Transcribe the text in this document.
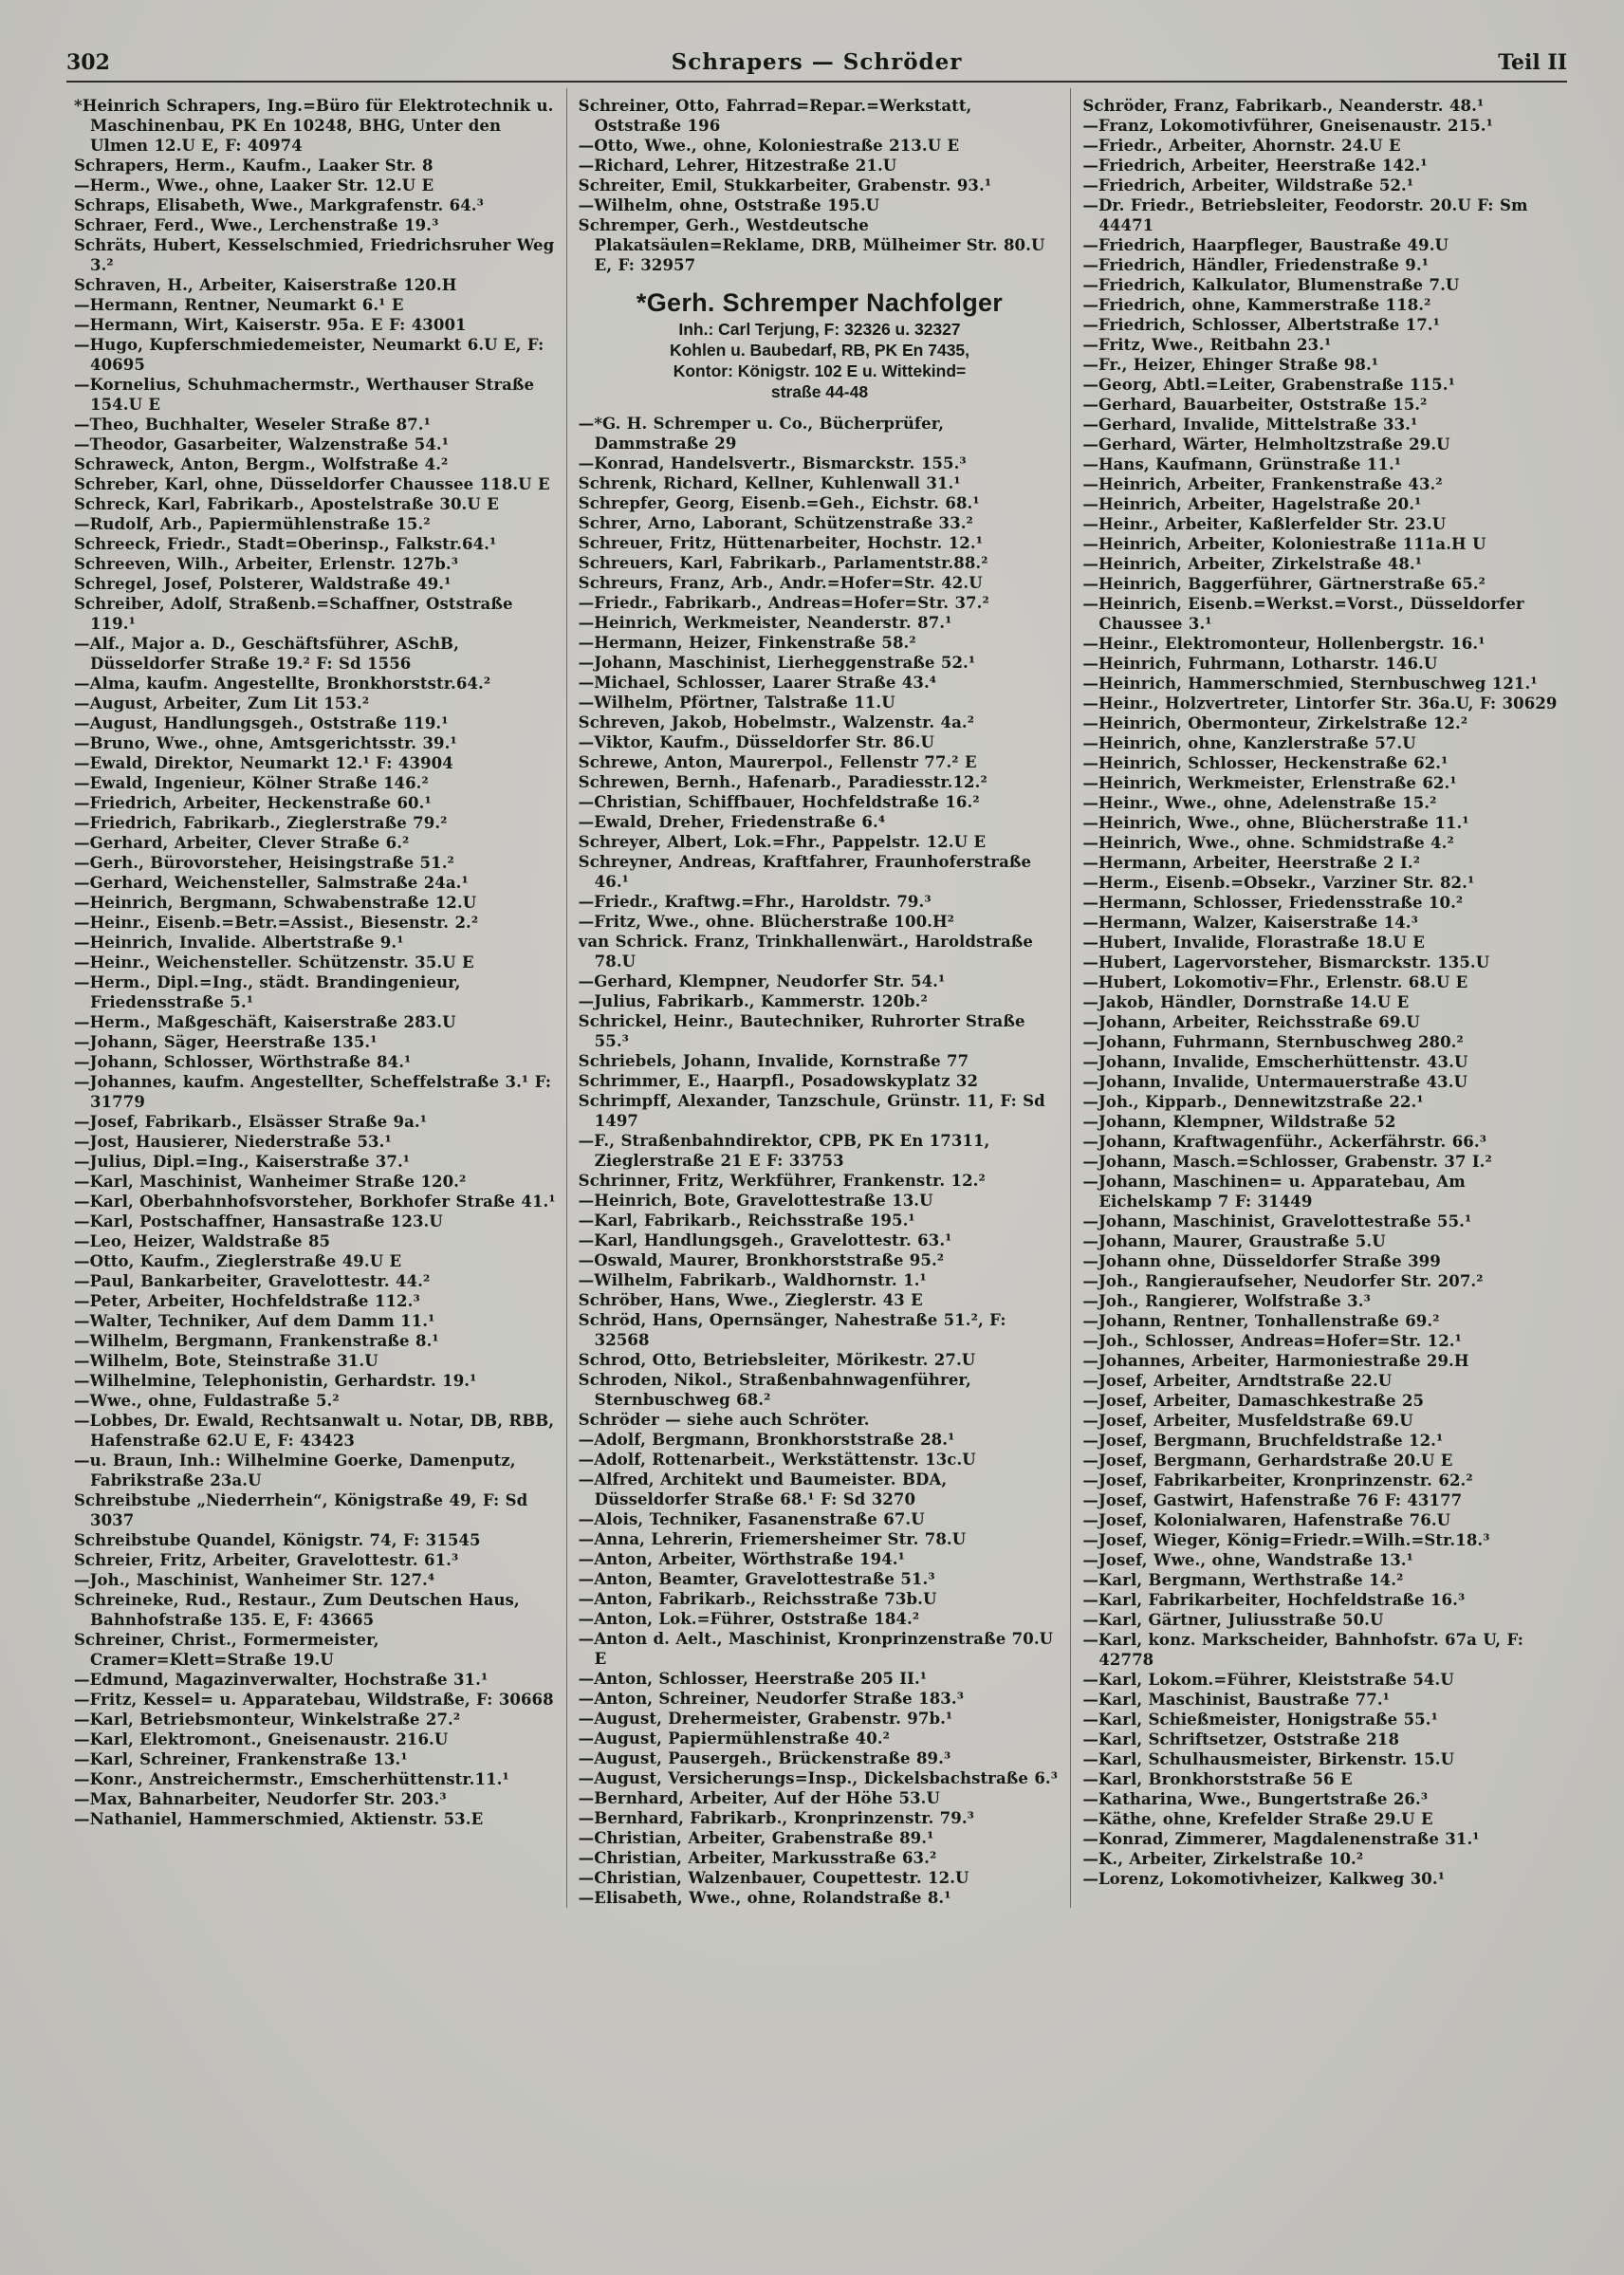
302	Schrapers — Schröder	Teil II
*Heinrich Schrapers, Ing.=Büro für Elektrotechnik u. Maschinenbau, PK En 10248, BHG, Unter den Ulmen 12.U E, F: 40974
Schrapers, Herm., Kaufm., Laaker Str. 8
—Herm., Wwe., ohne, Laaker Str. 12.U E
Schraps, Elisabeth, Wwe., Markgrafenstr. 64.³
Schraer, Ferd., Wwe., Lerchenstraße 19.³
Schräts, Hubert, Kesselschmied, Friedrichsruher Weg 3.²
Schraven, H., Arbeiter, Kaiserstraße 120.H
—Hermann, Rentner, Neumarkt 6.¹ E
—Hermann, Wirt, Kaiserstr. 95a. E F: 43001
—Hugo, Kupferschmiedemeister, Neumarkt 6.U E, F: 40695
—Kornelius, Schuhmachermstr., Werthauser Straße 154.U E
—Theo, Buchhalter, Weseler Straße 87.¹
—Theodor, Gasarbeiter, Walzenstraße 54.¹
Schraweck, Anton, Bergm., Wolfstraße 4.²
Schreber, Karl, ohne, Düsseldorfer Chaussee 118.U E
Schreck, Karl, Fabrikarb., Apostelstraße 30.U E
—Rudolf, Arb., Papiermühlenstraße 15.²
Schreeck, Friedr., Stadt=Oberinsp., Falkstr.64.¹
Schreeven, Wilh., Arbeiter, Erlenstr. 127b.³
Schregel, Josef, Polsterer, Waldstraße 49.¹
Schreiber, Adolf, Straßenb.=Schaffner, Oststraße 119.¹
—Alf., Major a. D., Geschäftsführer, ASchB, Düsseldorfer Straße 19.² F: Sd 1556
—Alma, kaufm. Angestellte, Bronkhorststr.64.²
—August, Arbeiter, Zum Lit 153.²
—August, Handlungsgeh., Oststraße 119.¹
—Bruno, Wwe., ohne, Amtsgerichtsstr. 39.¹
—Ewald, Direktor, Neumarkt 12.¹ F: 43904
—Ewald, Ingenieur, Kölner Straße 146.²
—Friedrich, Arbeiter, Heckenstraße 60.¹
—Friedrich, Fabrikarb., Zieglerstraße 79.²
—Gerhard, Arbeiter, Clever Straße 6.²
—Gerh., Bürovorsteher, Heisingstraße 51.²
—Gerhard, Weichensteller, Salmstraße 24a.¹
—Heinrich, Bergmann, Schwabenstraße 12.U
—Heinr., Eisenb.=Betr.=Assist., Biesenstr. 2.²
—Heinrich, Invalide. Albertstraße 9.¹
—Heinr., Weichensteller. Schützenstr. 35.U E
—Herm., Dipl.=Ing., städt. Brandingenieur, Friedensstraße 5.¹
—Herm., Maßgeschäft, Kaiserstraße 283.U
—Johann, Säger, Heerstraße 135.¹
—Johann, Schlosser, Wörthstraße 84.¹
—Johannes, kaufm. Angestellter, Scheffelstraße 3.¹ F: 31779
—Josef, Fabrikarb., Elsässer Straße 9a.¹
—Jost, Hausierer, Niederstraße 53.¹
—Julius, Dipl.=Ing., Kaiserstraße 37.¹
—Karl, Maschinist, Wanheimer Straße 120.²
—Karl, Oberbahnhofsvorsteher, Borkhofer Straße 41.¹
—Karl, Postschaffner, Hansastraße 123.U
—Leo, Heizer, Waldstraße 85
—Otto, Kaufm., Zieglerstraße 49.U E
—Paul, Bankarbeiter, Gravelottestr. 44.²
—Peter, Arbeiter, Hochfeldstraße 112.³
—Walter, Techniker, Auf dem Damm 11.¹
—Wilhelm, Bergmann, Frankenstraße 8.¹
—Wilhelm, Bote, Steinstraße 31.U
—Wilhelmine, Telephonistin, Gerhardstr. 19.¹
—Wwe., ohne, Fuldastraße 5.²
—Lobbes, Dr. Ewald, Rechtsanwalt u. Notar, DB, RBB, Hafenstraße 62.U E, F: 43423
—u. Braun, Inh.: Wilhelmine Goerke, Damenputz, Fabrikstraße 23a.U
Schreibstube „Niederrhein“, Königstraße 49, F: Sd 3037
Schreibstube Quandel, Königstr. 74, F: 31545
Schreier, Fritz, Arbeiter, Gravelottestr. 61.³
—Joh., Maschinist, Wanheimer Str. 127.⁴
Schreineke, Rud., Restaur., Zum Deutschen Haus, Bahnhofstraße 135. E, F: 43665
Schreiner, Christ., Formermeister, Cramer=Klett=Straße 19.U
—Edmund, Magazinverwalter, Hochstraße 31.¹
—Fritz, Kessel= u. Apparatebau, Wildstraße, F: 30668
—Karl, Betriebsmonteur, Winkelstraße 27.²
—Karl, Elektromont., Gneisenaustr. 216.U
—Karl, Schreiner, Frankenstraße 13.¹
—Konr., Anstreichermstr., Emscherhüttenstr.11.¹
—Max, Bahnarbeiter, Neudorfer Str. 203.³
—Nathaniel, Hammerschmied, Aktienstr. 53.E
Schreiner, Otto, Fahrrad=Repar.=Werkstatt, Oststraße 196
—Otto, Wwe., ohne, Koloniestraße 213.U E
—Richard, Lehrer, Hitzestraße 21.U
Schreiter, Emil, Stukkarbeiter, Grabenstr. 93.¹
—Wilhelm, ohne, Oststraße 195.U
Schremper, Gerh., Westdeutsche Plakatsäulen=Reklame, DRB, Mülheimer Str. 80.U E, F: 32957
*Gerh. Schremper Nachfolger
Inh.: Carl Terjung, F: 32326 u. 32327
Kohlen u. Baubedarf, RB, PK En 7435,
Kontor: Königstr. 102 E u. Wittekind=
straße 44-48
—*G. H. Schremper u. Co., Bücherprüfer, Dammstraße 29
—Konrad, Handelsvertr., Bismarckstr. 155.³
Schrenk, Richard, Kellner, Kuhlenwall 31.¹
Schrepfer, Georg, Eisenb.=Geh., Eichstr. 68.¹
Schrer, Arno, Laborant, Schützenstraße 33.²
Schreuer, Fritz, Hüttenarbeiter, Hochstr. 12.¹
Schreuers, Karl, Fabrikarb., Parlamentstr.88.²
Schreurs, Franz, Arb., Andr.=Hofer=Str. 42.U
—Friedr., Fabrikarb., Andreas=Hofer=Str. 37.²
—Heinrich, Werkmeister, Neanderstr. 87.¹
—Hermann, Heizer, Finkenstraße 58.²
—Johann, Maschinist, Lierheggenstraße 52.¹
—Michael, Schlosser, Laarer Straße 43.⁴
—Wilhelm, Pförtner, Talstraße 11.U
Schreven, Jakob, Hobelmstr., Walzenstr. 4a.²
—Viktor, Kaufm., Düsseldorfer Str. 86.U
Schrewe, Anton, Maurerpol., Fellenstr 77.² E
Schrewen, Bernh., Hafenarb., Paradiesstr.12.²
—Christian, Schiffbauer, Hochfeldstraße 16.²
—Ewald, Dreher, Friedenstraße 6.⁴
Schreyer, Albert, Lok.=Fhr., Pappelstr. 12.U E
Schreyner, Andreas, Kraftfahrer, Fraunhoferstraße 46.¹
—Friedr., Kraftwg.=Fhr., Haroldstr. 79.³
—Fritz, Wwe., ohne. Blücherstraße 100.H²
van Schrick. Franz, Trinkhallenwärt., Haroldstraße 78.U
—Gerhard, Klempner, Neudorfer Str. 54.¹
—Julius, Fabrikarb., Kammerstr. 120b.²
Schrickel, Heinr., Bautechniker, Ruhrorter Straße 55.³
Schriebels, Johann, Invalide, Kornstraße 77
Schrimmer, E., Haarpfl., Posadowskyplatz 32
Schrimpff, Alexander, Tanzschule, Grünstr. 11, F: Sd 1497
—F., Straßenbahndirektor, CPB, PK En 17311, Zieglerstraße 21 E F: 33753
Schrinner, Fritz, Werkführer, Frankenstr. 12.²
—Heinrich, Bote, Gravelottestraße 13.U
—Karl, Fabrikarb., Reichsstraße 195.¹
—Karl, Handlungsgeh., Gravelottestr. 63.¹
—Oswald, Maurer, Bronkhorststraße 95.²
—Wilhelm, Fabrikarb., Waldhornstr. 1.¹
Schröber, Hans, Wwe., Zieglerstr. 43 E
Schröd, Hans, Opernsänger, Nahestraße 51.², F: 32568
Schrod, Otto, Betriebsleiter, Mörikestr. 27.U
Schroden, Nikol., Straßenbahnwagenführer, Sternbuschweg 68.²
Schröder — siehe auch Schröter.
—Adolf, Bergmann, Bronkhorststraße 28.¹
—Adolf, Rottenarbeit., Werkstättenstr. 13c.U
—Alfred, Architekt und Baumeister. BDA, Düsseldorfer Straße 68.¹ F: Sd 3270
—Alois, Techniker, Fasanenstraße 67.U
—Anna, Lehrerin, Friemersheimer Str. 78.U
—Anton, Arbeiter, Wörthstraße 194.¹
—Anton, Beamter, Gravelottestraße 51.³
—Anton, Fabrikarb., Reichsstraße 73b.U
—Anton, Lok.=Führer, Oststraße 184.²
—Anton d. Aelt., Maschinist, Kronprinzenstraße 70.U E
—Anton, Schlosser, Heerstraße 205 II.¹
—Anton, Schreiner, Neudorfer Straße 183.³
—August, Drehermeister, Grabenstr. 97b.¹
—August, Papiermühlenstraße 40.²
—August, Pausergeh., Brückenstraße 89.³
—August, Versicherungs=Insp., Dickelsbachstraße 6.³
—Bernhard, Arbeiter, Auf der Höhe 53.U
—Bernhard, Fabrikarb., Kronprinzenstr. 79.³
—Christian, Arbeiter, Grabenstraße 89.¹
—Christian, Arbeiter, Markusstraße 63.²
—Christian, Walzenbauer, Coupettestr. 12.U
—Elisabeth, Wwe., ohne, Rolandstraße 8.¹
Schröder, Franz, Fabrikarb., Neanderstr. 48.¹
—Franz, Lokomotivführer, Gneisenaustr. 215.¹
—Friedr., Arbeiter, Ahornstr. 24.U E
—Friedrich, Arbeiter, Heerstraße 142.¹
—Friedrich, Arbeiter, Wildstraße 52.¹
—Dr. Friedr., Betriebsleiter, Feodorstr. 20.U F: Sm 44471
—Friedrich, Haarpfleger, Baustraße 49.U
—Friedrich, Händler, Friedenstraße 9.¹
—Friedrich, Kalkulator, Blumenstraße 7.U
—Friedrich, ohne, Kammerstraße 118.²
—Friedrich, Schlosser, Albertstraße 17.¹
—Fritz, Wwe., Reitbahn 23.¹
—Fr., Heizer, Ehinger Straße 98.¹
—Georg, Abtl.=Leiter, Grabenstraße 115.¹
—Gerhard, Bauarbeiter, Oststraße 15.²
—Gerhard, Invalide, Mittelstraße 33.¹
—Gerhard, Wärter, Helmholtzstraße 29.U
—Hans, Kaufmann, Grünstraße 11.¹
—Heinrich, Arbeiter, Frankenstraße 43.²
—Heinrich, Arbeiter, Hagelstraße 20.¹
—Heinr., Arbeiter, Kaßlerfelder Str. 23.U
—Heinrich, Arbeiter, Koloniestraße 111a.H U
—Heinrich, Arbeiter, Zirkelstraße 48.¹
—Heinrich, Baggerführer, Gärtnerstraße 65.²
—Heinrich, Eisenb.=Werkst.=Vorst., Düsseldorfer Chaussee 3.¹
—Heinr., Elektromonteur, Hollenbergstr. 16.¹
—Heinrich, Fuhrmann, Lotharstr. 146.U
—Heinrich, Hammerschmied, Sternbuschweg 121.¹
—Heinr., Holzvertreter, Lintorfer Str. 36a.U, F: 30629
—Heinrich, Obermonteur, Zirkelstraße 12.²
—Heinrich, ohne, Kanzlerstraße 57.U
—Heinrich, Schlosser, Heckenstraße 62.¹
—Heinrich, Werkmeister, Erlenstraße 62.¹
—Heinr., Wwe., ohne, Adelenstraße 15.²
—Heinrich, Wwe., ohne, Blücherstraße 11.¹
—Heinrich, Wwe., ohne. Schmidstraße 4.²
—Hermann, Arbeiter, Heerstraße 2 I.²
—Herm., Eisenb.=Obsekr., Varziner Str. 82.¹
—Hermann, Schlosser, Friedensstraße 10.²
—Hermann, Walzer, Kaiserstraße 14.³
—Hubert, Invalide, Florastraße 18.U E
—Hubert, Lagervorsteher, Bismarckstr. 135.U
—Hubert, Lokomotiv=Fhr., Erlenstr. 68.U E
—Jakob, Händler, Dornstraße 14.U E
—Johann, Arbeiter, Reichsstraße 69.U
—Johann, Fuhrmann, Sternbuschweg 280.²
—Johann, Invalide, Emscherhüttenstr. 43.U
—Johann, Invalide, Untermauerstraße 43.U
—Joh., Kipparb., Dennewitzstraße 22.¹
—Johann, Klempner, Wildstraße 52
—Johann, Kraftwagenführ., Ackerfährstr. 66.³
—Johann, Masch.=Schlosser, Grabenstr. 37 I.²
—Johann, Maschinen= u. Apparatebau, Am Eichelskamp 7 F: 31449
—Johann, Maschinist, Gravelottestraße 55.¹
—Johann, Maurer, Graustraße 5.U
—Johann ohne, Düsseldorfer Straße 399
—Joh., Rangieraufseher, Neudorfer Str. 207.²
—Joh., Rangierer, Wolfstraße 3.³
—Johann, Rentner, Tonhallenstraße 69.²
—Joh., Schlosser, Andreas=Hofer=Str. 12.¹
—Johannes, Arbeiter, Harmoniestraße 29.H
—Josef, Arbeiter, Arndtstraße 22.U
—Josef, Arbeiter, Damaschkestraße 25
—Josef, Arbeiter, Musfeldstraße 69.U
—Josef, Bergmann, Bruchfeldstraße 12.¹
—Josef, Bergmann, Gerhardstraße 20.U E
—Josef, Fabrikarbeiter, Kronprinzenstr. 62.²
—Josef, Gastwirt, Hafenstraße 76 F: 43177
—Josef, Kolonialwaren, Hafenstraße 76.U
—Josef, Wieger, König=Friedr.=Wilh.=Str.18.³
—Josef, Wwe., ohne, Wandstraße 13.¹
—Karl, Bergmann, Werthstraße 14.²
—Karl, Fabrikarbeiter, Hochfeldstraße 16.³
—Karl, Gärtner, Juliusstraße 50.U
—Karl, konz. Markscheider, Bahnhofstr. 67a U, F: 42778
—Karl, Lokom.=Führer, Kleiststraße 54.U
—Karl, Maschinist, Baustraße 77.¹
—Karl, Schießmeister, Honigstraße 55.¹
—Karl, Schriftsetzer, Oststraße 218
—Karl, Schulhausmeister, Birkenstr. 15.U
—Karl, Bronkhorststraße 56 E
—Katharina, Wwe., Bungertstraße 26.³
—Käthe, ohne, Krefelder Straße 29.U E
—Konrad, Zimmerer, Magdalenenstraße 31.¹
—K., Arbeiter, Zirkelstraße 10.²
—Lorenz, Lokomotivheizer, Kalkweg 30.¹
